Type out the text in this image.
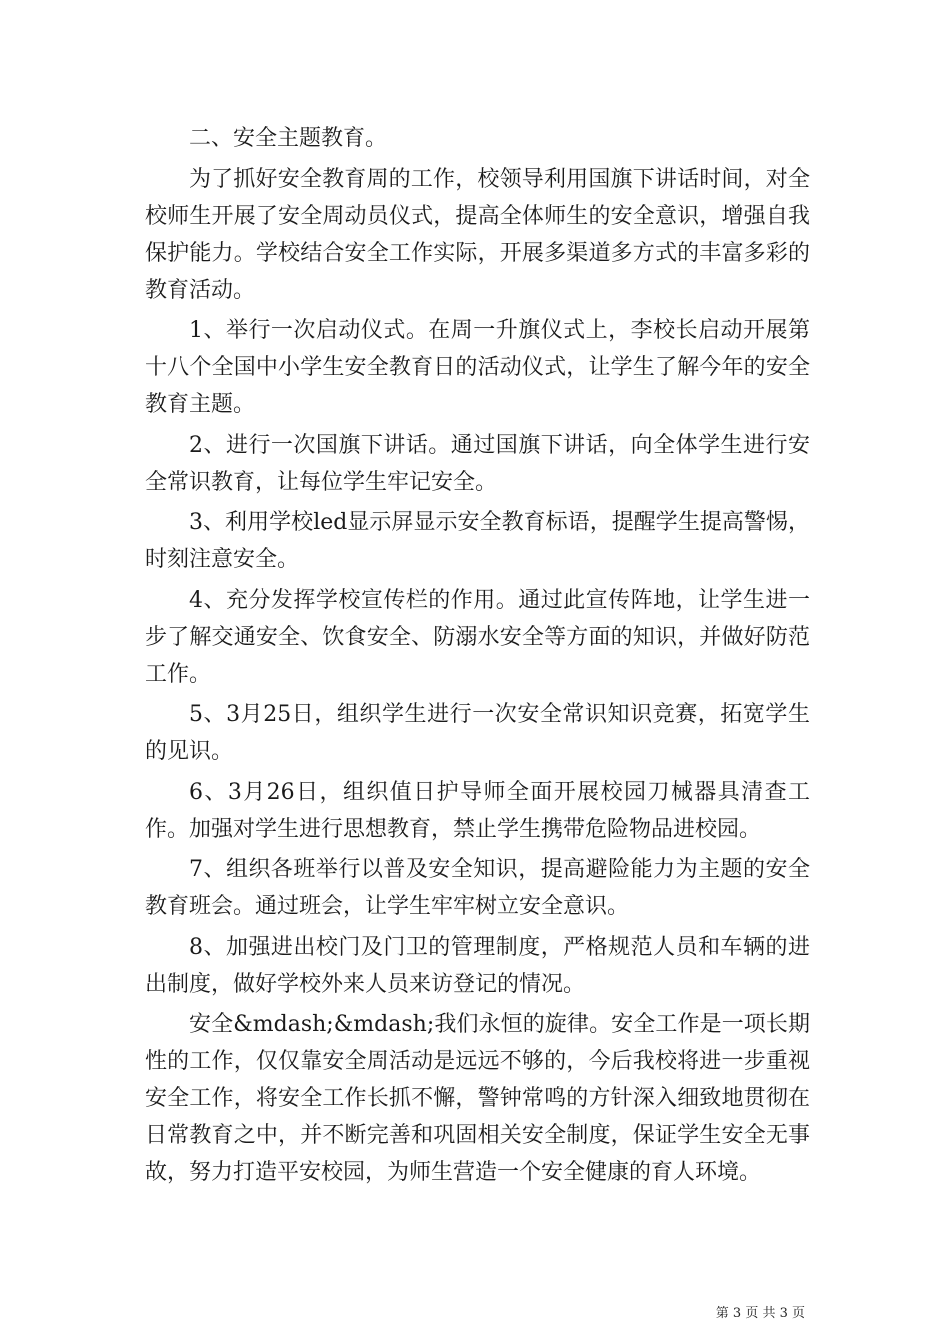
二、安全主题教育。

为了抓好安全教育周的工作，校领导利用国旗下讲话时间，对全校师生开展了安全周动员仪式，提高全体师生的安全意识，增强自我保护能力。学校结合安全工作实际，开展多渠道多方式的丰富多彩的教育活动。

1、举行一次启动仪式。在周一升旗仪式上，李校长启动开展第十八个全国中小学生安全教育日的活动仪式，让学生了解今年的安全教育主题。

2、进行一次国旗下讲话。通过国旗下讲话，向全体学生进行安全常识教育，让每位学生牢记安全。

3、利用学校led显示屏显示安全教育标语，提醒学生提高警惕，时刻注意安全。

4、充分发挥学校宣传栏的作用。通过此宣传阵地，让学生进一步了解交通安全、饮食安全、防溺水安全等方面的知识，并做好防范工作。

5、3月25日，组织学生进行一次安全常识知识竞赛，拓宽学生的见识。

6、3月26日，组织值日护导师全面开展校园刀械器具清查工作。加强对学生进行思想教育，禁止学生携带危险物品进校园。

7、组织各班举行以普及安全知识，提高避险能力为主题的安全教育班会。通过班会，让学生牢牢树立安全意识。

8、加强进出校门及门卫的管理制度，严格规范人员和车辆的进出制度，做好学校外来人员来访登记的情况。

安全&mdash;&mdash;我们永恒的旋律。安全工作是一项长期性的工作，仅仅靠安全周活动是远远不够的，今后我校将进一步重视安全工作，将安全工作长抓不懈，警钟常鸣的方针深入细致地贯彻在日常教育之中，并不断完善和巩固相关安全制度，保证学生安全无事故，努力打造平安校园，为师生营造一个安全健康的育人环境。

第 3 页 共 3 页
